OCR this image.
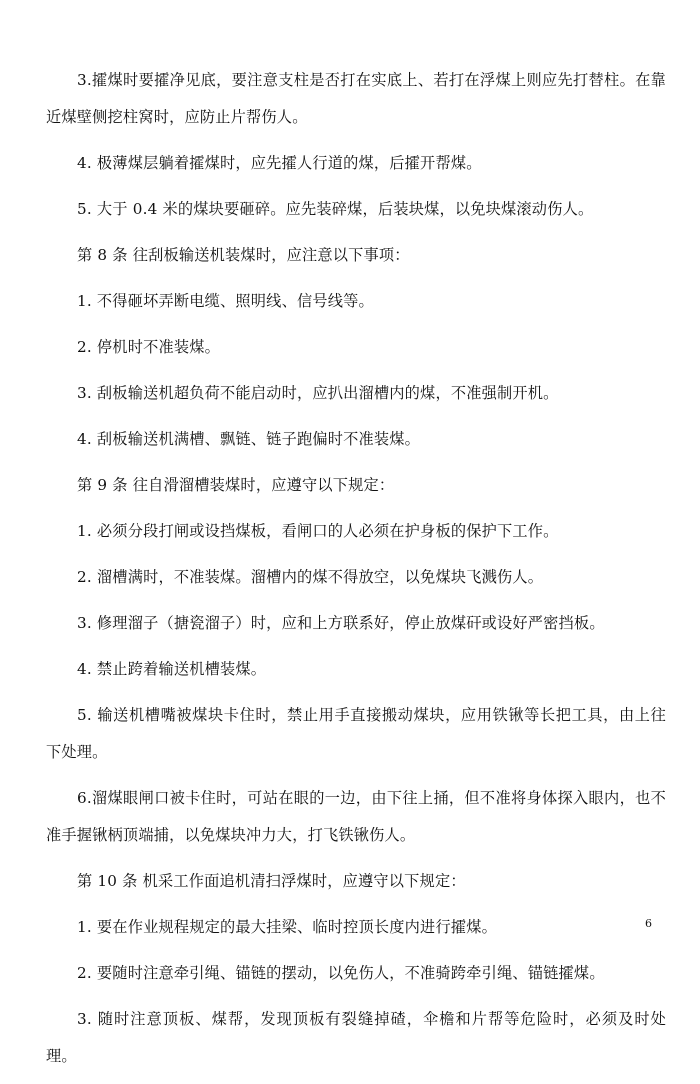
3.攉煤时要攉净见底，要注意支柱是否打在实底上、若打在浮煤上则应先打替柱。在靠近煤壁侧挖柱窝时，应防止片帮伤人。

4. 极薄煤层躺着攉煤时，应先攉人行道的煤，后攉开帮煤。

5. 大于 0.4 米的煤块要砸碎。应先装碎煤，后装块煤，以免块煤滚动伤人。

第 8 条 往刮板输送机装煤时，应注意以下事项：

1. 不得砸坏弄断电缆、照明线、信号线等。

2. 停机时不准装煤。

3. 刮板输送机超负荷不能启动时，应扒出溜槽内的煤，不准强制开机。

4. 刮板输送机满槽、飘链、链子跑偏时不准装煤。

第 9 条 往自滑溜槽装煤时，应遵守以下规定：

1. 必须分段打闸或设挡煤板，看闸口的人必须在护身板的保护下工作。

2. 溜槽满时，不准装煤。溜槽内的煤不得放空，以免煤块飞溅伤人。

3. 修理溜子（搪瓷溜子）时，应和上方联系好，停止放煤矸或设好严密挡板。

4. 禁止跨着输送机槽装煤。

5. 输送机槽嘴被煤块卡住时，禁止用手直接搬动煤块，应用铁锹等长把工具，由上往下处理。

6.溜煤眼闸口被卡住时，可站在眼的一边，由下往上捅，但不准将身体探入眼内，也不准手握锹柄顶端捕，以免煤块冲力大，打飞铁锹伤人。

第 10 条 机采工作面追机清扫浮煤时，应遵守以下规定：

1. 要在作业规程规定的最大挂梁、临时控顶长度内进行攉煤。

2. 要随时注意牵引绳、锚链的摆动，以免伤人，不准骑跨牵引绳、锚链攉煤。

3. 随时注意顶板、煤帮，发现顶板有裂缝掉碴，伞檐和片帮等危险时，必须及时处理。

6
